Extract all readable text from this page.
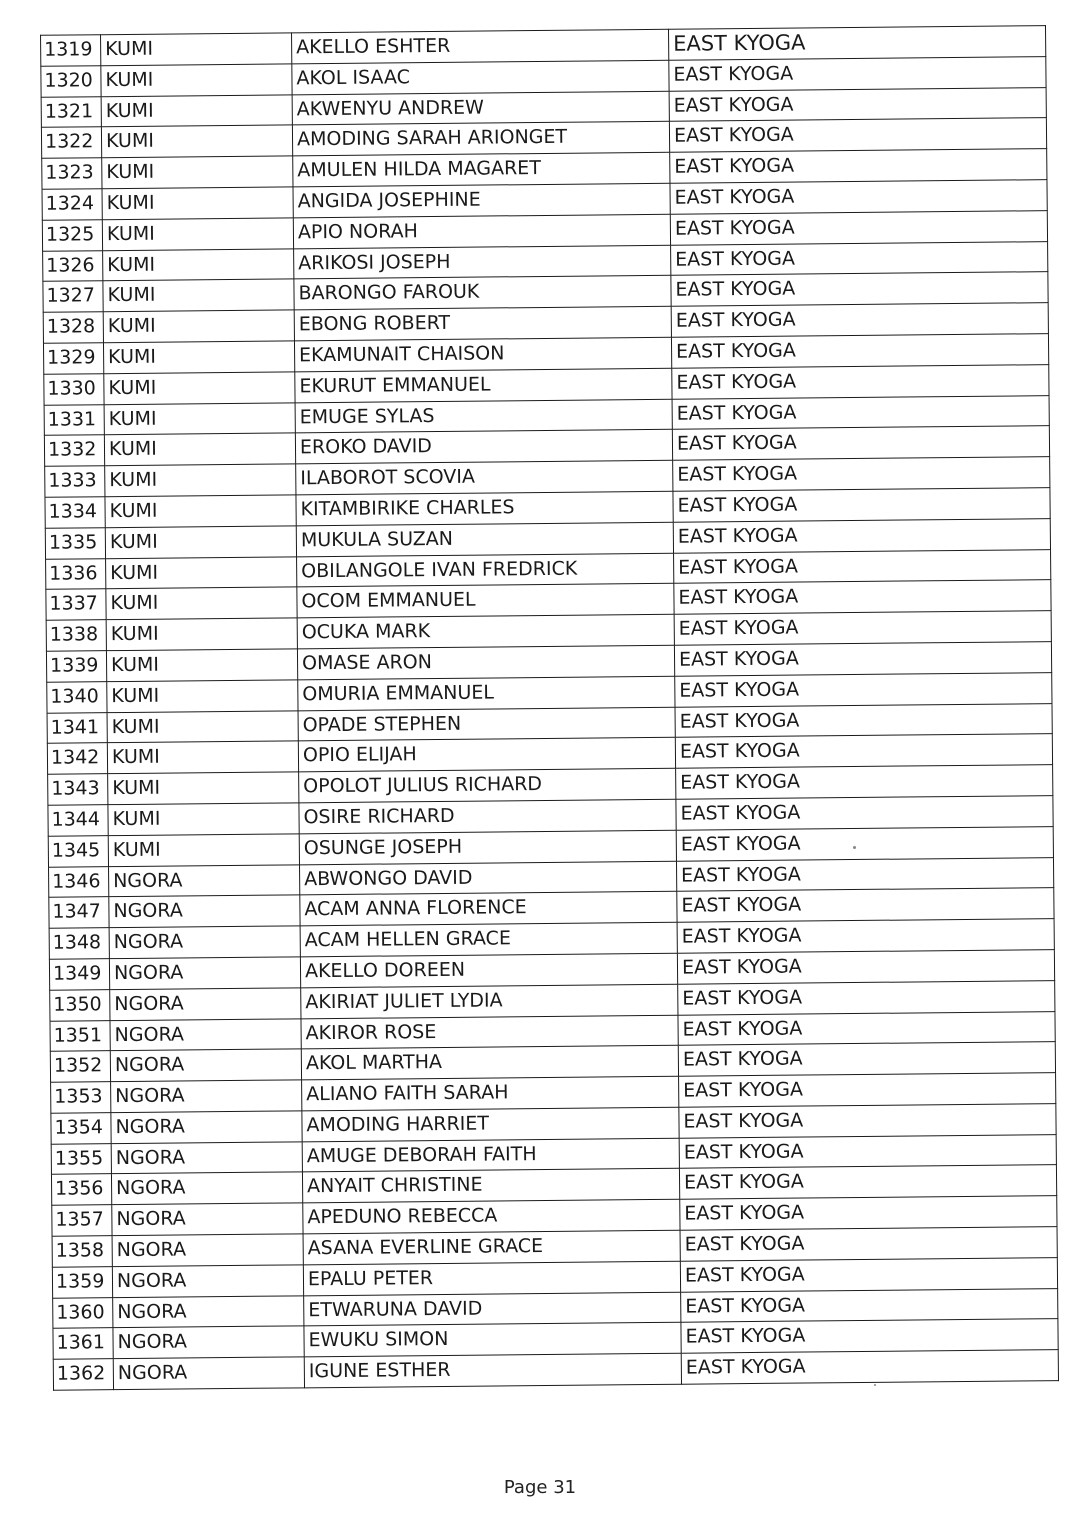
1319	KUMI	AKELLO ESHTER	EAST KYOGA
1320	KUMI	AKOL ISAAC	EAST KYOGA
1321	KUMI	AKWENYU ANDREW	EAST KYOGA
1322	KUMI	AMODING SARAH ARIONGET	EAST KYOGA
1323	KUMI	AMULEN HILDA MAGARET	EAST KYOGA
1324	KUMI	ANGIDA JOSEPHINE	EAST KYOGA
1325	KUMI	APIO NORAH	EAST KYOGA
1326	KUMI	ARIKOSI JOSEPH	EAST KYOGA
1327	KUMI	BARONGO FAROUK	EAST KYOGA
1328	KUMI	EBONG ROBERT	EAST KYOGA
1329	KUMI	EKAMUNAIT CHAISON	EAST KYOGA
1330	KUMI	EKURUT EMMANUEL	EAST KYOGA
1331	KUMI	EMUGE SYLAS	EAST KYOGA
1332	KUMI	EROKO DAVID	EAST KYOGA
1333	KUMI	ILABOROT SCOVIA	EAST KYOGA
1334	KUMI	KITAMBIRIKE CHARLES	EAST KYOGA
1335	KUMI	MUKULA SUZAN	EAST KYOGA
1336	KUMI	OBILANGOLE IVAN FREDRICK	EAST KYOGA
1337	KUMI	OCOM EMMANUEL	EAST KYOGA
1338	KUMI	OCUKA MARK	EAST KYOGA
1339	KUMI	OMASE ARON	EAST KYOGA
1340	KUMI	OMURIA EMMANUEL	EAST KYOGA
1341	KUMI	OPADE STEPHEN	EAST KYOGA
1342	KUMI	OPIO ELIJAH	EAST KYOGA
1343	KUMI	OPOLOT JULIUS RICHARD	EAST KYOGA
1344	KUMI	OSIRE RICHARD	EAST KYOGA
1345	KUMI	OSUNGE JOSEPH	EAST KYOGA
1346	NGORA	ABWONGO DAVID	EAST KYOGA
1347	NGORA	ACAM ANNA FLORENCE	EAST KYOGA
1348	NGORA	ACAM HELLEN GRACE	EAST KYOGA
1349	NGORA	AKELLO DOREEN	EAST KYOGA
1350	NGORA	AKIRIAT JULIET LYDIA	EAST KYOGA
1351	NGORA	AKIROR ROSE	EAST KYOGA
1352	NGORA	AKOL MARTHA	EAST KYOGA
1353	NGORA	ALIANO FAITH SARAH	EAST KYOGA
1354	NGORA	AMODING HARRIET	EAST KYOGA
1355	NGORA	AMUGE DEBORAH FAITH	EAST KYOGA
1356	NGORA	ANYAIT CHRISTINE	EAST KYOGA
1357	NGORA	APEDUNO REBECCA	EAST KYOGA
1358	NGORA	ASANA EVERLINE GRACE	EAST KYOGA
1359	NGORA	EPALU PETER	EAST KYOGA
1360	NGORA	ETWARUNA DAVID	EAST KYOGA
1361	NGORA	EWUKU SIMON	EAST KYOGA
1362	NGORA	IGUNE ESTHER	EAST KYOGA
Page 31
